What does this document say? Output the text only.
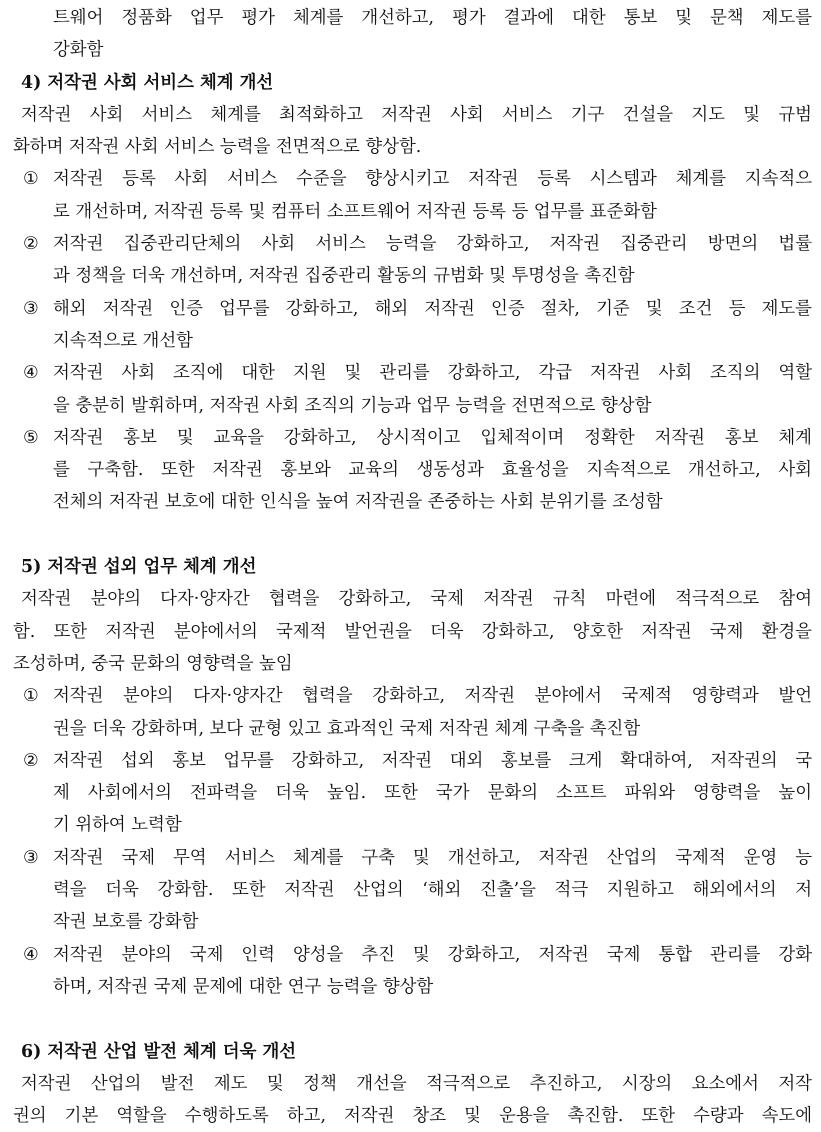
트웨어 정품화 업무 평가 체계를 개선하고, 평가 결과에 대한 통보 및 문책 제도를
강화함
4) 저작권 사회 서비스 체계 개선
저작권 사회 서비스 체계를 최적화하고 저작권 사회 서비스 기구 건설을 지도 및 규범
화하며 저작권 사회 서비스 능력을 전면적으로 향상함.
① 저작권 등록 사회 서비스 수준을 향상시키고 저작권 등록 시스템과 체계를 지속적으
로 개선하며, 저작권 등록 및 컴퓨터 소프트웨어 저작권 등록 등 업무를 표준화함
② 저작권 집중관리단체의 사회 서비스 능력을 강화하고, 저작권 집중관리 방면의 법률
과 정책을 더욱 개선하며, 저작권 집중관리 활동의 규범화 및 투명성을 촉진함
③ 해외 저작권 인증 업무를 강화하고, 해외 저작권 인증 절차, 기준 및 조건 등 제도를
지속적으로 개선함
④ 저작권 사회 조직에 대한 지원 및 관리를 강화하고, 각급 저작권 사회 조직의 역할
을 충분히 발휘하며, 저작권 사회 조직의 기능과 업무 능력을 전면적으로 향상함
⑤ 저작권 홍보 및 교육을 강화하고, 상시적이고 입체적이며 정확한 저작권 홍보 체계
를 구축함. 또한 저작권 홍보와 교육의 생동성과 효율성을 지속적으로 개선하고, 사회
전체의 저작권 보호에 대한 인식을 높여 저작권을 존중하는 사회 분위기를 조성함
5) 저작권 섭외 업무 체계 개선
저작권 분야의 다자·양자간 협력을 강화하고, 국제 저작권 규칙 마련에 적극적으로 참여
함. 또한 저작권 분야에서의 국제적 발언권을 더욱 강화하고, 양호한 저작권 국제 환경을
조성하며, 중국 문화의 영향력을 높임
① 저작권 분야의 다자·양자간 협력을 강화하고, 저작권 분야에서 국제적 영향력과 발언
권을 더욱 강화하며, 보다 균형 있고 효과적인 국제 저작권 체계 구축을 촉진함
② 저작권 섭외 홍보 업무를 강화하고, 저작권 대외 홍보를 크게 확대하여, 저작권의 국
제 사회에서의 전파력을 더욱 높임. 또한 국가 문화의 소프트 파워와 영향력을 높이
기 위하여 노력함
③ 저작권 국제 무역 서비스 체계를 구축 및 개선하고, 저작권 산업의 국제적 운영 능
력을 더욱 강화함. 또한 저작권 산업의 ‘해외 진출’을 적극 지원하고 해외에서의 저
작권 보호를 강화함
④ 저작권 분야의 국제 인력 양성을 추진 및 강화하고, 저작권 국제 통합 관리를 강화
하며, 저작권 국제 문제에 대한 연구 능력을 향상함
6) 저작권 산업 발전 체계 더욱 개선
저작권 산업의 발전 제도 및 정책 개선을 적극적으로 추진하고, 시장의 요소에서 저작
권의 기본 역할을 수행하도록 하고, 저작권 창조 및 운용을 촉진함. 또한 수량과 속도에
